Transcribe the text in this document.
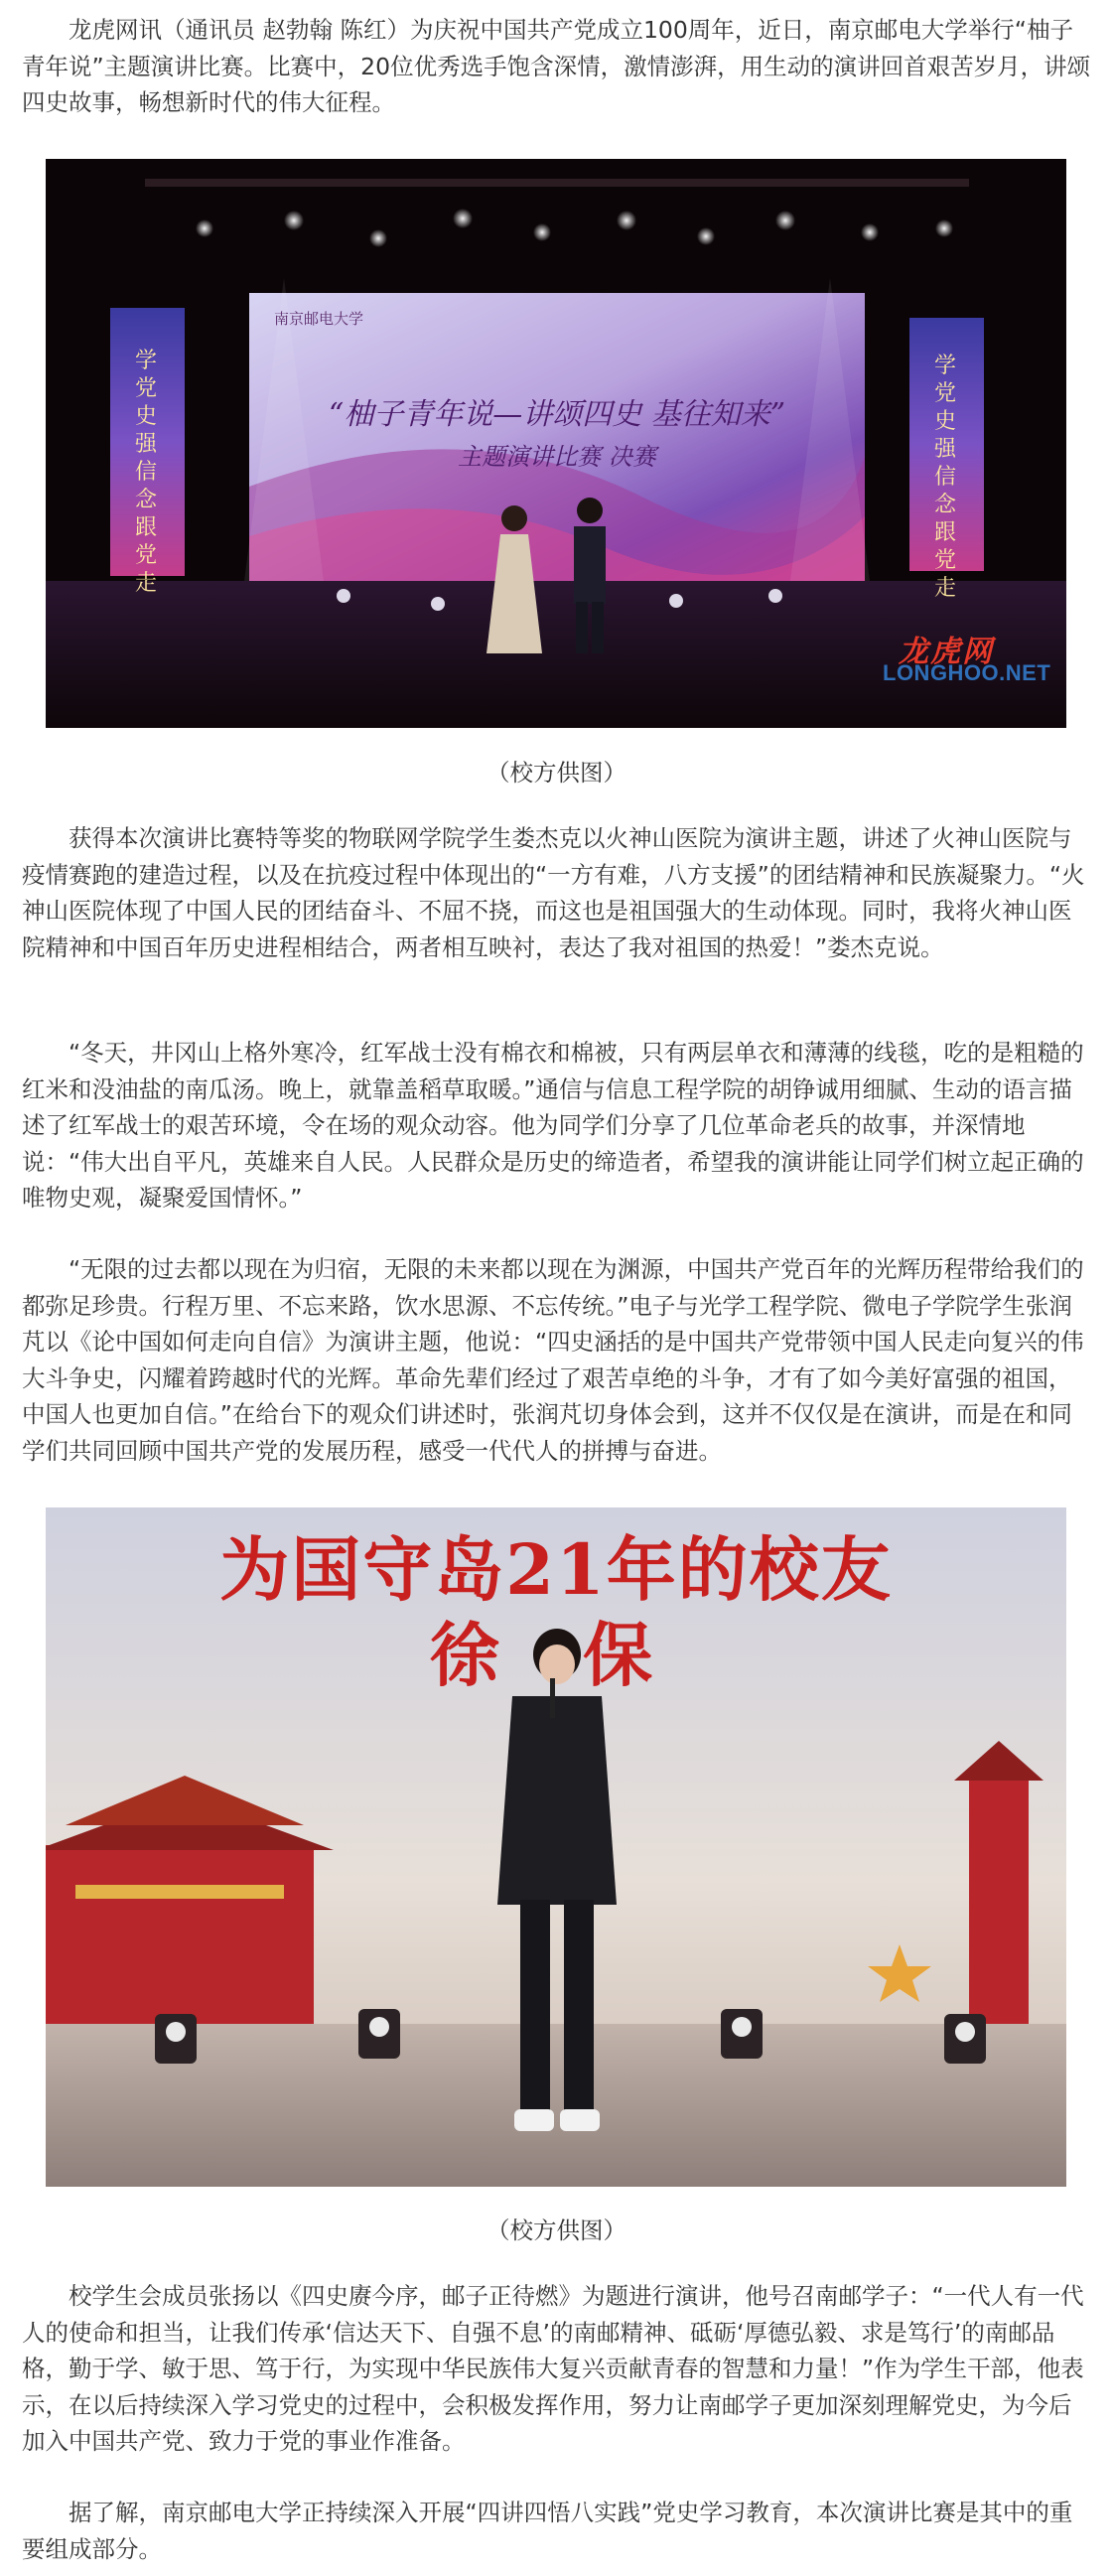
龙虎网讯（通讯员 赵勃翰 陈红）为庆祝中国共产党成立100周年，近日，南京邮电大学举行“柚子青年说”主题演讲比赛。比赛中，20位优秀选手饱含深情，激情澎湃，用生动的演讲回首艰苦岁月，讲颂四史故事，畅想新时代的伟大征程。

南京邮电大学
“柚子青年说—讲颂四史 基往知来”
主题演讲比赛 决赛
学党史 强信念 跟党走
学党史 强信念 跟党走
龙虎网
LONGHOO.NET

（校方供图）

获得本次演讲比赛特等奖的物联网学院学生娄杰克以火神山医院为演讲主题，讲述了火神山医院与疫情赛跑的建造过程，以及在抗疫过程中体现出的“一方有难，八方支援”的团结精神和民族凝聚力。“火神山医院体现了中国人民的团结奋斗、不屈不挠，而这也是祖国强大的生动体现。同时，我将火神山医院精神和中国百年历史进程相结合，两者相互映衬，表达了我对祖国的热爱！”娄杰克说。

“冬天，井冈山上格外寒冷，红军战士没有棉衣和棉被，只有两层单衣和薄薄的线毯，吃的是粗糙的红米和没油盐的南瓜汤。晚上，就靠盖稻草取暖。”通信与信息工程学院的胡铮诚用细腻、生动的语言描述了红军战士的艰苦环境，令在场的观众动容。他为同学们分享了几位革命老兵的故事，并深情地说：“伟大出自平凡，英雄来自人民。人民群众是历史的缔造者，希望我的演讲能让同学们树立起正确的唯物史观，凝聚爱国情怀。”

“无限的过去都以现在为归宿，无限的未来都以现在为渊源，中国共产党百年的光辉历程带给我们的都弥足珍贵。行程万里、不忘来路，饮水思源、不忘传统。”电子与光学工程学院、微电子学院学生张润芃以《论中国如何走向自信》为演讲主题，他说：“四史涵括的是中国共产党带领中国人民走向复兴的伟大斗争史，闪耀着跨越时代的光辉。革命先辈们经过了艰苦卓绝的斗争，才有了如今美好富强的祖国，中国人也更加自信。”在给台下的观众们讲述时，张润芃切身体会到，这并不仅仅是在演讲，而是在和同学们共同回顾中国共产党的发展历程，感受一代代人的拼搏与奋进。

为国守岛21年的校友
徐 保

（校方供图）

校学生会成员张扬以《四史赓今序，邮子正待燃》为题进行演讲，他号召南邮学子：“一代人有一代人的使命和担当，让我们传承‘信达天下、自强不息’的南邮精神、砥砺‘厚德弘毅、求是笃行’的南邮品格，勤于学、敏于思、笃于行，为实现中华民族伟大复兴贡献青春的智慧和力量！”作为学生干部，他表示，在以后持续深入学习党史的过程中，会积极发挥作用，努力让南邮学子更加深刻理解党史，为今后加入中国共产党、致力于党的事业作准备。

据了解，南京邮电大学正持续深入开展“四讲四悟八实践”党史学习教育，本次演讲比赛是其中的重要组成部分。
